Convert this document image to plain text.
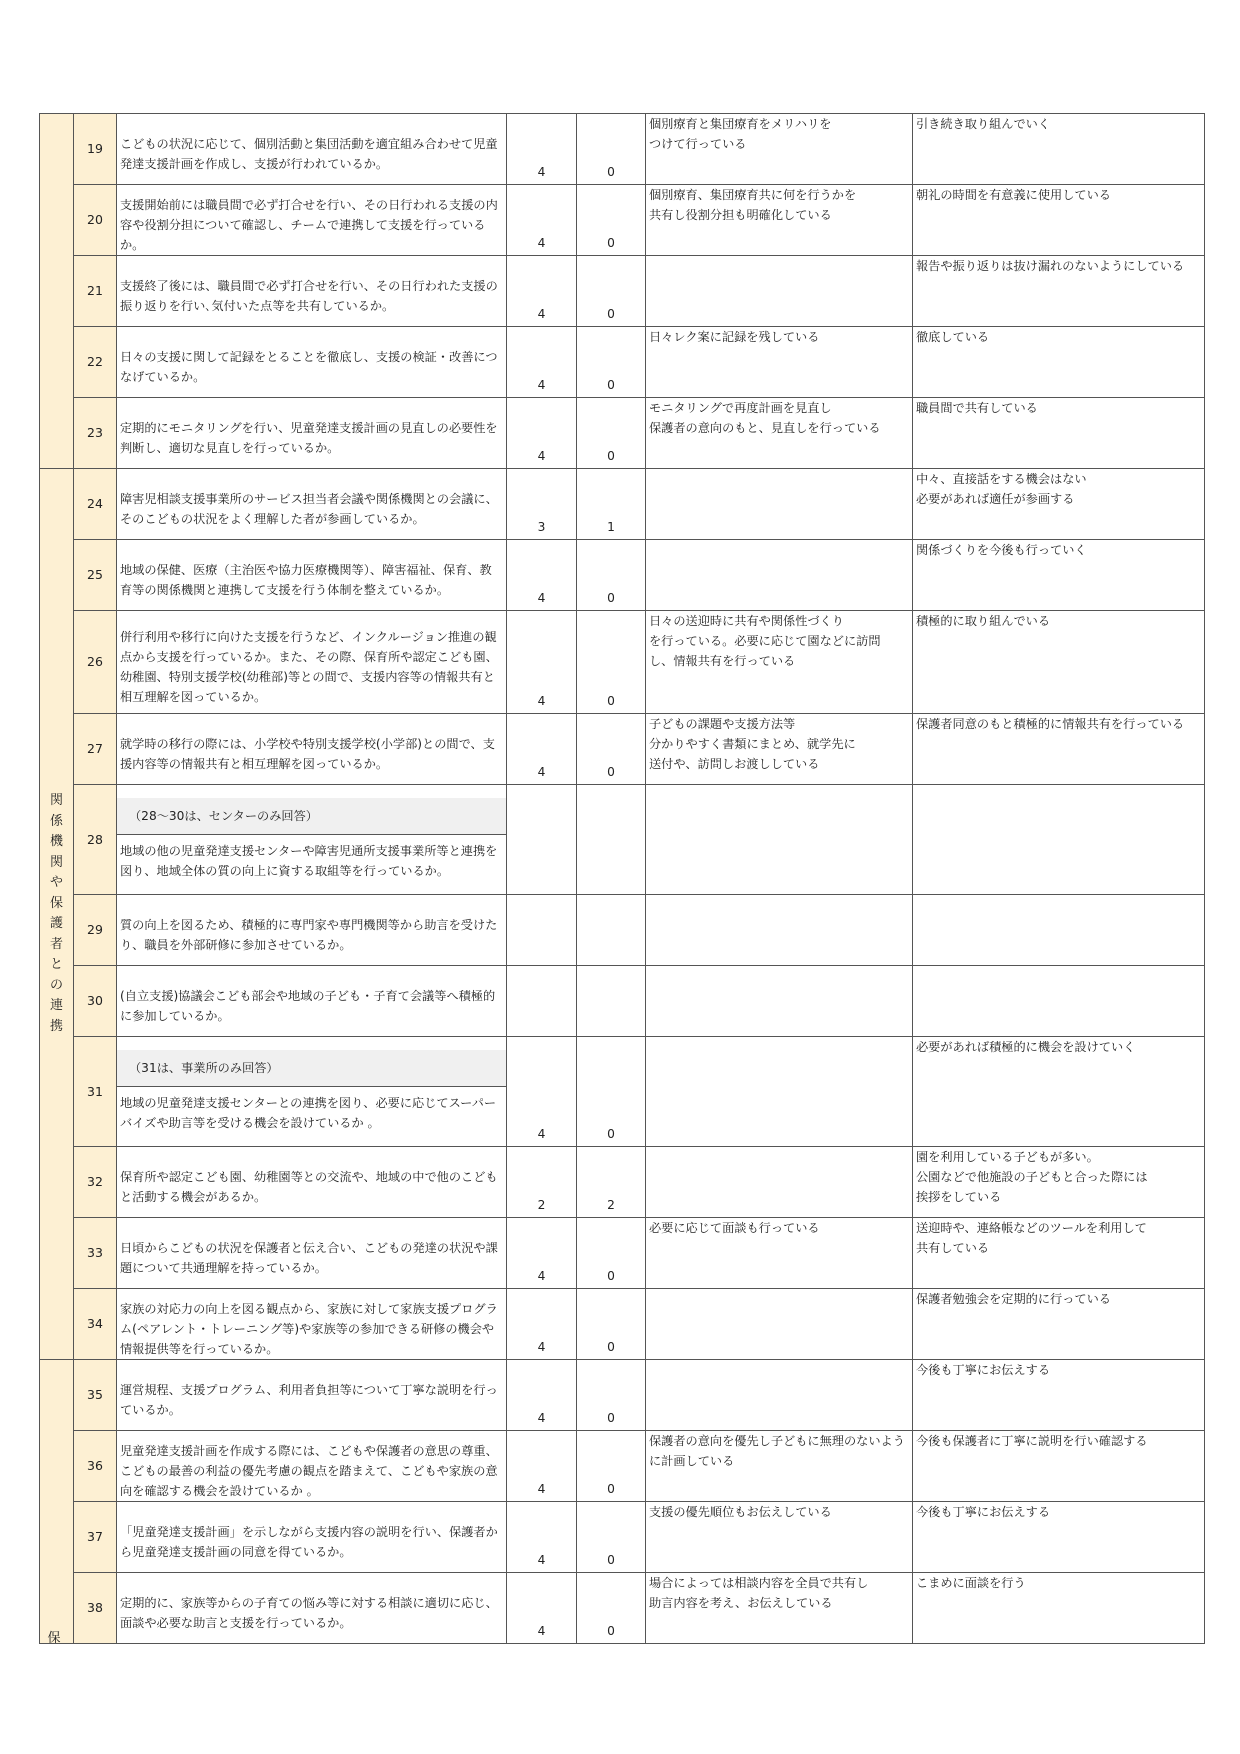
	19	こどもの状況に応じて、個別活動と集団活動を適宜組み合わせて児童発達支援計画を作成し、支援が行われているか。	4	0	個別療育と集団療育をメリハリを
つけて行っている	引き続き取り組んでいく
	20	支援開始前には職員間で必ず打合せを行い、その日行われる支援の内容や役割分担について確認し、チームで連携して支援を行っているか。	4	0	個別療育、集団療育共に何を行うかを
共有し役割分担も明確化している	朝礼の時間を有意義に使用している
	21	支援終了後には、職員間で必ず打合せを行い、その日行われた支援の振り返りを行い､気付いた点等を共有しているか。	4	0		報告や振り返りは抜け漏れのないようにしている
	22	日々の支援に関して記録をとることを徹底し、支援の検証・改善につなげているか。	4	0	日々レク案に記録を残している	徹底している
	23	定期的にモニタリングを行い、児童発達支援計画の見直しの必要性を判断し、適切な見直しを行っているか。	4	0	モニタリングで再度計画を見直し
保護者の意向のもと、見直しを行っている	職員間で共有している
関係機関や保護者との連携	24	障害児相談支援事業所のサービス担当者会議や関係機関との会議に、そのこどもの状況をよく理解した者が参画しているか。	3	1		中々、直接話をする機会はない
必要があれば適任が参画する
	25	地域の保健、医療（主治医や協力医療機関等）、障害福祉、保育、教育等の関係機関と連携して支援を行う体制を整えているか。	4	0		関係づくりを今後も行っていく
	26	併行利用や移行に向けた支援を行うなど、インクルージョン推進の観点から支援を行っているか。また、その際、保育所や認定こども園、幼稚園、特別支援学校(幼稚部)等との間で、支援内容等の情報共有と相互理解を図っているか。	4	0	日々の送迎時に共有や関係性づくり
を行っている。必要に応じて園などに訪問
し、情報共有を行っている	積極的に取り組んでいる
	27	就学時の移行の際には、小学校や特別支援学校(小学部)との間で、支援内容等の情報共有と相互理解を図っているか。	4	0	子どもの課題や支援方法等
分かりやすく書類にまとめ、就学先に
送付や、訪問しお渡ししている	保護者同意のもと積極的に情報共有を行っている
	28	（28～30は、センターのみ回答）
地域の他の児童発達支援センターや障害児通所支援事業所等と連携を図り、地域全体の質の向上に資する取組等を行っているか。				
	29	質の向上を図るため、積極的に専門家や専門機関等から助言を受けたり、職員を外部研修に参加させているか。				
	30	(自立支援)協議会こども部会や地域の子ども・子育て会議等へ積極的に参加しているか。				
	31	（31は、事業所のみ回答）
地域の児童発達支援センターとの連携を図り、必要に応じてスーパーバイズや助言等を受ける機会を設けているか 。	4	0		必要があれば積極的に機会を設けていく
	32	保育所や認定こども園、幼稚園等との交流や、地域の中で他のこどもと活動する機会があるか。	2	2		園を利用している子どもが多い。
公園などで他施設の子どもと合った際には
挨拶をしている
	33	日頃からこどもの状況を保護者と伝え合い、こどもの発達の状況や課題について共通理解を持っているか。	4	0	必要に応じて面談も行っている	送迎時や、連絡帳などのツールを利用して
共有している
	34	家族の対応力の向上を図る観点から、家族に対して家族支援プログラム(ペアレント・トレーニング等)や家族等の参加できる研修の機会や情報提供等を行っているか。	4	0		保護者勉強会を定期的に行っている

保	35	運営規程、支援プログラム、利用者負担等について丁寧な説明を行っているか。	4	0		今後も丁寧にお伝えする
	36	児童発達支援計画を作成する際には、こどもや保護者の意思の尊重、こどもの最善の利益の優先考慮の観点を踏まえて、こどもや家族の意向を確認する機会を設けているか 。	4	0	保護者の意向を優先し子どもに無理のないように計画している	今後も保護者に丁寧に説明を行い確認する
	37	「児童発達支援計画」を示しながら支援内容の説明を行い、保護者から児童発達支援計画の同意を得ているか。	4	0	支援の優先順位もお伝えしている	今後も丁寧にお伝えする
	38	定期的に、家族等からの子育ての悩み等に対する相談に適切に応じ、面談や必要な助言と支援を行っているか。	4	0	場合によっては相談内容を全員で共有し
助言内容を考え、お伝えしている	こまめに面談を行う
